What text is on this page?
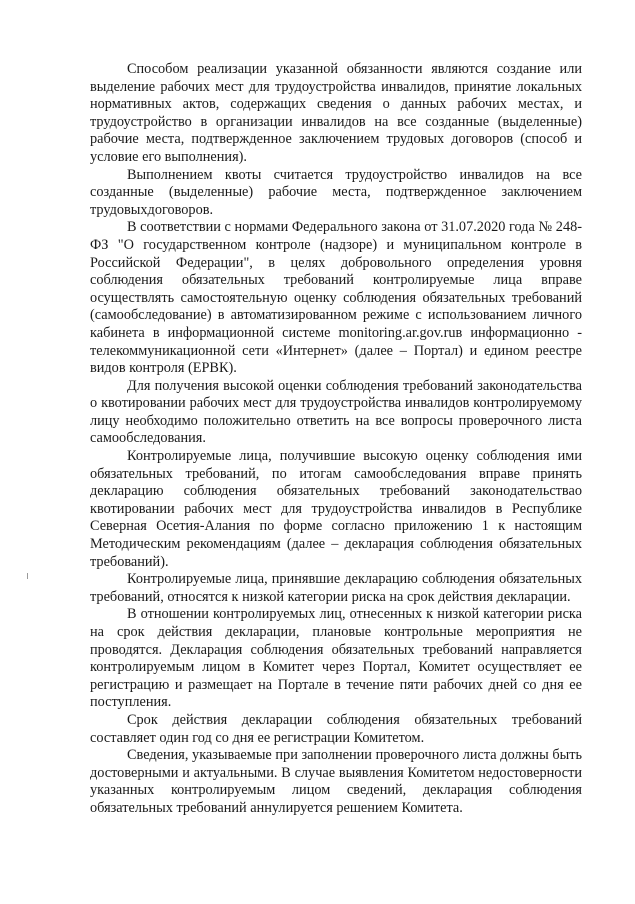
Способом реализации указанной обязанности являются создание или выделение рабочих мест для трудоустройства инвалидов, принятие локальных нормативных актов, содержащих сведения о данных рабочих местах, и трудоустройство в организации инвалидов на все созданные (выделенные) рабочие места, подтвержденное заключением трудовых договоров (способ и условие его выполнения).

Выполнением квоты считается трудоустройство инвалидов на все созданные (выделенные) рабочие места, подтвержденное заключением трудовыхдоговоров.

В соответствии с нормами Федерального закона от 31.07.2020 года № 248-ФЗ "О государственном контроле (надзоре) и муниципальном контроле в Российской Федерации", в целях добровольного определения уровня соблюдения обязательных требований контролируемые лица вправе осуществлять самостоятельную оценку соблюдения обязательных требований (самообследование) в автоматизированном режиме с использованием личного кабинета в информационной системе monitoring.ar.gov.ruв информационно - телекоммуникационной сети «Интернет» (далее – Портал) и едином реестре видов контроля (ЕРВК).

Для получения высокой оценки соблюдения требований законодательства о квотировании рабочих мест для трудоустройства инвалидов контролируемому лицу необходимо положительно ответить на все вопросы проверочного листа самообследования.

Контролируемые лица, получившие высокую оценку соблюдения ими обязательных требований, по итогам самообследования вправе принять декларацию соблюдения обязательных требований законодательствао квотировании рабочих мест для трудоустройства инвалидов в Республике Северная Осетия-Алания по форме согласно приложению 1 к настоящим Методическим рекомендациям (далее – декларация соблюдения обязательных требований).

Контролируемые лица, принявшие декларацию соблюдения обязательных требований, относятся к низкой категории риска на срок действия декларации.

В отношении контролируемых лиц, отнесенных к низкой категории риска на срок действия декларации, плановые контрольные мероприятия не проводятся. Декларация соблюдения обязательных требований направляется контролируемым лицом в Комитет через Портал, Комитет осуществляет ее регистрацию и размещает на Портале в течение пяти рабочих дней со дня ее поступления.

Срок действия декларации соблюдения обязательных требований составляет один год со дня ее регистрации Комитетом.

Сведения, указываемые при заполнении проверочного листа должны быть достоверными и актуальными. В случае выявления Комитетом недостоверности указанных контролируемым лицом сведений, декларация соблюдения обязательных требований аннулируется решением Комитета.
